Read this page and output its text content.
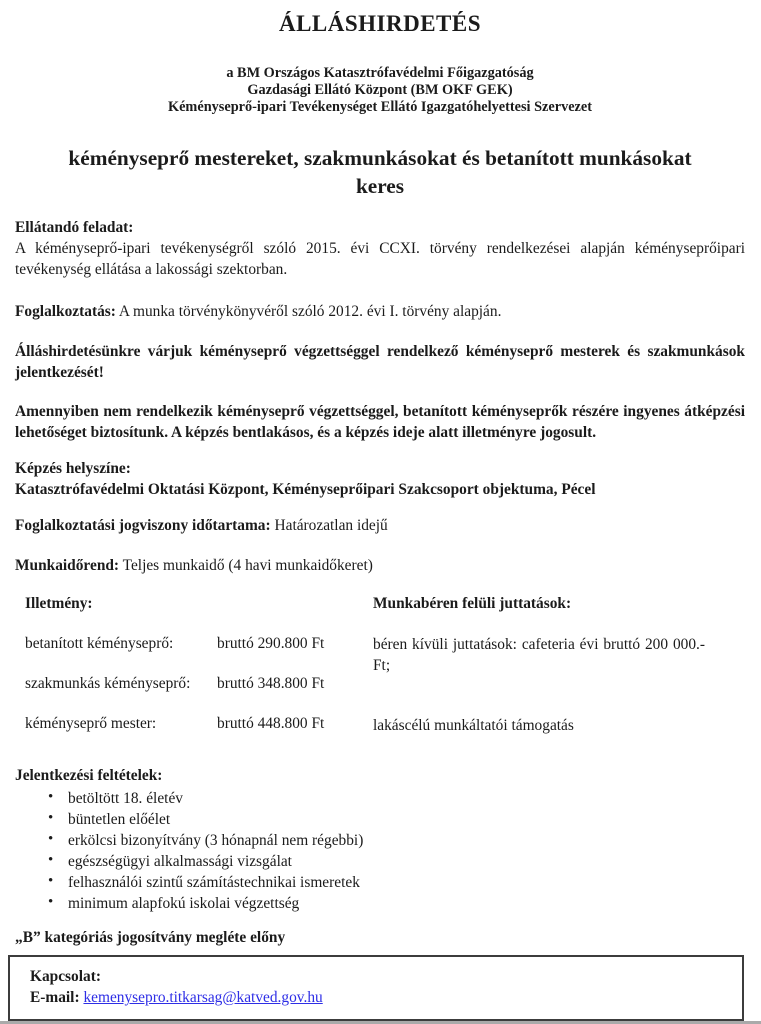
ÁLLÁSHIRDETÉS
a BM Országos Katasztrófavédelmi Főigazgatóság
Gazdasági Ellátó Központ (BM OKF GEK)
Kéményseprő-ipari Tevékenységet Ellátó Igazgatóhelyettesi Szervezet
kéményseprő mestereket, szakmunkásokat és betanított munkásokat
keres
Ellátandó feladat:
A kéményseprő-ipari tevékenységről szóló 2015. évi CCXI. törvény rendelkezései alapján kéményseprőipari tevékenység ellátása a lakossági szektorban.
Foglalkoztatás: A munka törvénykönyvéről szóló 2012. évi I. törvény alapján.
Álláshirdetésünkre várjuk kéményseprő végzettséggel rendelkező kéményseprő mesterek és szakmunkások jelentkezését!
Amennyiben nem rendelkezik kéményseprő végzettséggel, betanított kéményseprők részére ingyenes átképzési lehetőséget biztosítunk. A képzés bentlakásos, és a képzés ideje alatt illetményre jogosult.
Képzés helyszíne:
Katasztrófavédelmi Oktatási Központ, Kéményseprőipari Szakcsoport objektuma, Pécel
Foglalkoztatási jogviszony időtartama: Határozatlan idejű
Munkaidőrend: Teljes munkaidő (4 havi munkaidőkeret)
Illetmény:
betanított kéményseprő:	bruttó 290.800 Ft
szakmunkás kéményseprő:	bruttó 348.800 Ft
kéményseprő mester:	bruttó 448.800 Ft
Munkabéren felüli juttatások:
béren kívüli juttatások: cafeteria évi bruttó 200 000.- Ft;
lakáscélú munkáltatói támogatás
Jelentkezési feltételek:
• betöltött 18. életév
• büntetlen előélet
• erkölcsi bizonyítvány (3 hónapnál nem régebbi)
• egészségügyi alkalmassági vizsgálat
• felhasználói szintű számítástechnikai ismeretek
• minimum alapfokú iskolai végzettség
„B” kategóriás jogosítvány megléte előny
Kapcsolat:
E-mail: kemenysepro.titkarsag@katved.gov.hu
